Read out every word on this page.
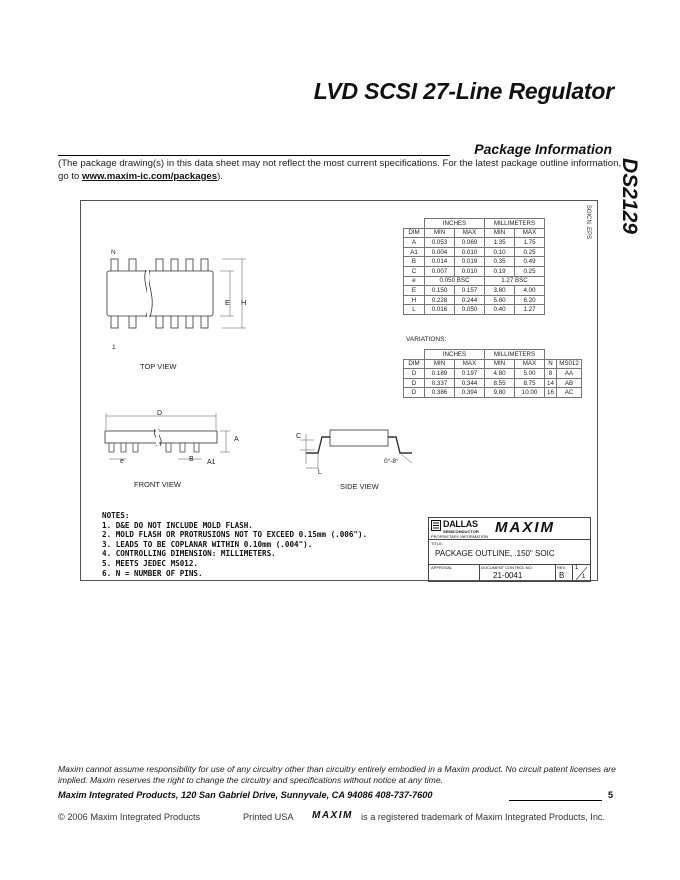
LVD SCSI 27-Line Regulator
DS2129
Package Information
(The package drawing(s) in this data sheet may not reflect the most current specifications. For the latest package outline information, go to www.maxim-ic.com/packages).
SOICN .EPS
	INCHES		MILLIMETERS	
DIM	MIN	MAX	MIN	MAX
A	0.053	0.069	1.35	1.75
A1	0.004	0.010	0.10	0.25
B	0.014	0.019	0.35	0.49
C	0.007	0.010	0.19	0.25
e	0.050 BSC		1.27 BSC	
E	0.150	0.157	3.80	4.00
H	0.228	0.244	5.80	6.20
L	0.016	0.050	0.40	1.27
VARIATIONS:
	INCHES		MILLIMETERS			
DIM	MIN	MAX	MIN	MAX	N	MS012
D	0.189	0.197	4.80	5.00	8	AA
D	0.337	0.344	8.55	8.75	14	AB
D	0.386	0.394	9.80	10.00	16	AC
N
1
E H
TOP VIEW
D
A
e	B A1
FRONT VIEW
C
L
0°-8°
SIDE VIEW
NOTES:
1. D&E DO NOT INCLUDE MOLD FLASH.
2. MOLD FLASH OR PROTRUSIONS NOT TO EXCEED 0.15mm (.006").
3. LEADS TO BE COPLANAR WITHIN 0.10mm (.004").
4. CONTROLLING DIMENSION: MILLIMETERS.
5. MEETS JEDEC MS012.
6. N = NUMBER OF PINS.
DALLAS
SEMICONDUCTOR MAXIM
PROPRIETARY INFORMATION
TITLE:
PACKAGE OUTLINE, .150" SOIC
APPROVAL	DOCUMENT CONTROL NO.
21-0041
REV.
B
1
1
Maxim cannot assume responsibility for use of any circuitry other than circuitry entirely embodied in a Maxim product. No circuit patent licenses are implied. Maxim reserves the right to change the circuitry and specifications without notice at any time.
Maxim Integrated Products, 120 San Gabriel Drive, Sunnyvale, CA 94086 408-737-7600	5
© 2006 Maxim Integrated Products	Printed USA MAXIM is a registered trademark of Maxim Integrated Products, Inc.
